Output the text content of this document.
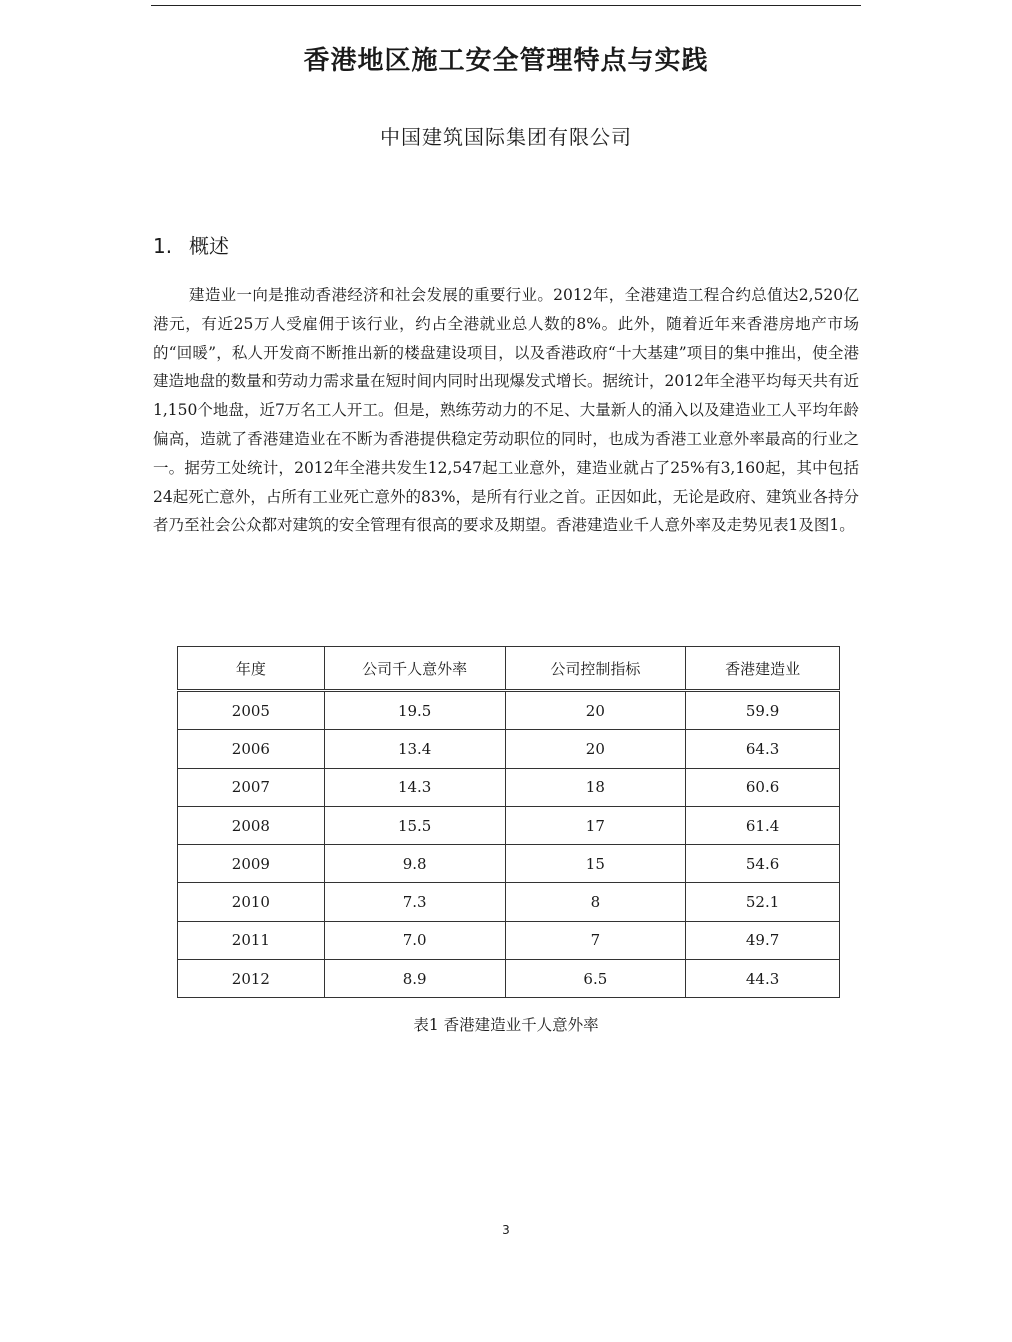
香港地区施工安全管理特点与实践
中国建筑国际集团有限公司
1. 概述

建造业一向是推动香港经济和社会发展的重要行业。2012年，全港建造工程合约总值达2,520亿港元，有近25万人受雇佣于该行业，约占全港就业总人数的8%。此外，随着近年来香港房地产市场的“回暖”，私人开发商不断推出新的楼盘建设项目，以及香港政府“十大基建”项目的集中推出，使全港建造地盘的数量和劳动力需求量在短时间内同时出现爆发式增长。据统计，2012年全港平均每天共有近1,150个地盘，近7万名工人开工。但是，熟练劳动力的不足、大量新人的涌入以及建造业工人平均年龄偏高，造就了香港建造业在不断为香港提供稳定劳动职位的同时，也成为香港工业意外率最高的行业之一。据劳工处统计，2012年全港共发生12,547起工业意外，建造业就占了25%有3,160起，其中包括24起死亡意外，占所有工业死亡意外的83%，是所有行业之首。正因如此，无论是政府、建筑业各持分者乃至社会公众都对建筑的安全管理有很高的要求及期望。香港建造业千人意外率及走势见表1及图1。

年度	公司千人意外率	公司控制指标	香港建造业
2005	19.5	20	59.9
2006	13.4	20	64.3
2007	14.3	18	60.6
2008	15.5	17	61.4
2009	9.8	15	54.6
2010	7.3	8	52.1
2011	7.0	7	49.7
2012	8.9	6.5	44.3
表1 香港建造业千人意外率
3
